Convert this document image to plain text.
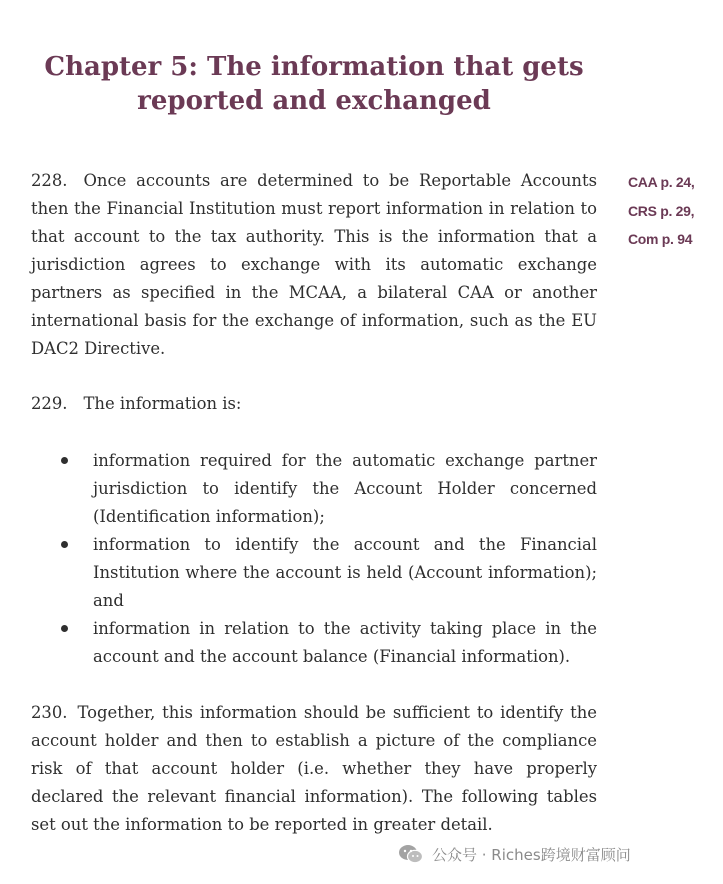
Chapter 5: The information that gets
reported and exchanged
CAA p. 24,
CRS p. 29,
Com p. 94

228. Once accounts are determined to be Reportable Accounts then the Financial Institution must report information in relation to that account to the tax authority. This is the information that a jurisdiction agrees to exchange with its automatic exchange partners as specified in the MCAA, a bilateral CAA or another international basis for the exchange of information, such as the EU DAC2 Directive.

229. The information is:

information required for the automatic exchange partner jurisdiction to identify the Account Holder concerned (Identification information);
information to identify the account and the Financial Institution where the account is held (Account information); and
information in relation to the activity taking place in the account and the account balance (Financial information).

230. Together, this information should be sufficient to identify the account holder and then to establish a picture of the compliance risk of that account holder (i.e. whether they have properly declared the relevant financial information). The following tables set out the information to be reported in greater detail.

公众号 · Riches跨境财富顾问
